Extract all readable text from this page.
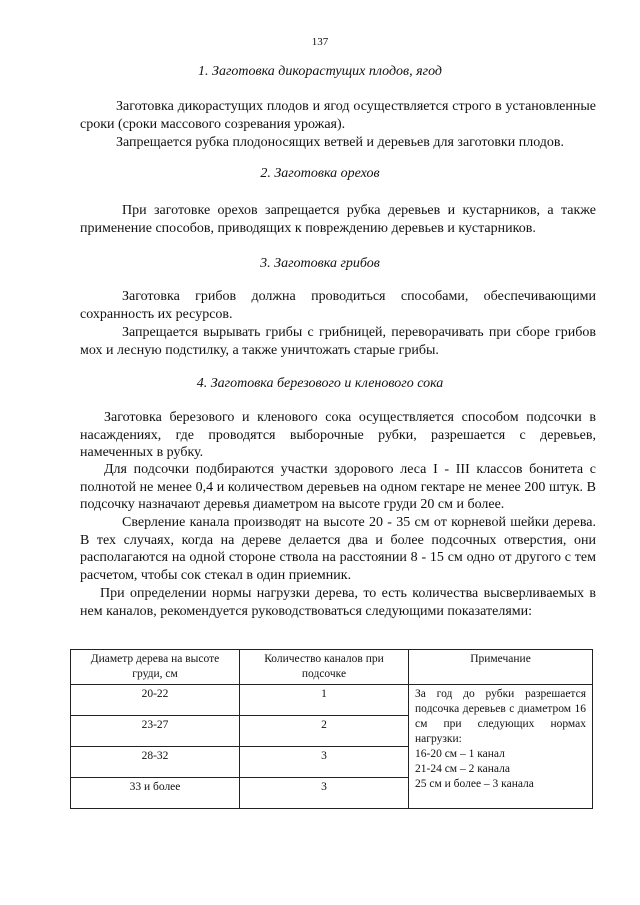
137
1. Заготовка дикорастущих плодов, ягод
Заготовка дикорастущих плодов и ягод осуществляется строго в установленные сроки (сроки массового созревания урожая).
Запрещается рубка плодоносящих ветвей и деревьев для заготовки плодов.
2. Заготовка орехов
При заготовке орехов запрещается рубка деревьев и кустарников, а также применение способов, приводящих к повреждению деревьев и кустарников.
3. Заготовка грибов
Заготовка грибов должна проводиться способами, обеспечивающими сохранность их ресурсов.
Запрещается вырывать грибы с грибницей, переворачивать при сборе грибов мох и лесную подстилку, а также уничтожать старые грибы.
4. Заготовка березового и кленового сока
Заготовка березового и кленового сока осуществляется способом подсочки в насаждениях, где проводятся выборочные рубки, разрешается с деревьев, намеченных в рубку.
Для подсочки подбираются участки здорового леса I - III классов бонитета с полнотой не менее 0,4 и количеством деревьев на одном гектаре не менее 200 штук. В подсочку назначают деревья диаметром на высоте груди 20 см и более.
Сверление канала производят на высоте 20 - 35 см от корневой шейки дерева. В тех случаях, когда на дереве делается два и более подсочных отверстия, они располагаются на одной стороне ствола на расстоянии 8 - 15 см одно от другого с тем расчетом, чтобы сок стекал в один приемник.
При определении нормы нагрузки дерева, то есть количества высверливаемых в нем каналов, рекомендуется руководствоваться следующими показателями:
Диаметр дерева на высоте груди, см	Количество каналов при подсочке	Примечание
20-22	1	За год до рубки разрешается подсочка деревьев с диаметром 16 см при следующих нормах нагрузки:
16-20 см – 1 канал
21-24 см – 2 канала
25 см и более – 3 канала

23-27	2	
28-32	3	
33 и более	3	
